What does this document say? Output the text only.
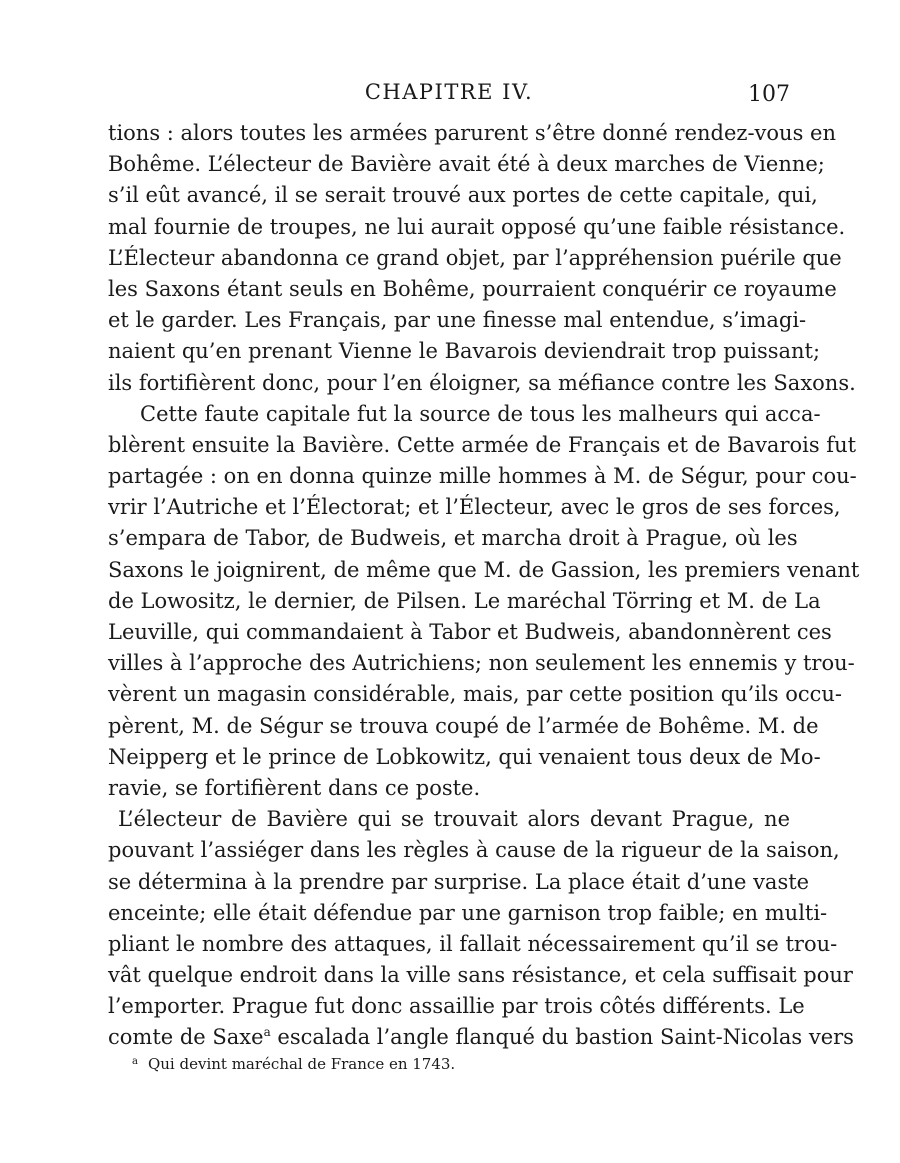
CHAPITRE IV.	107
tions : alors toutes les armées parurent s’être donné rendez-vous en
Bohême. L’électeur de Bavière avait été à deux marches de Vienne;
s’il eût avancé, il se serait trouvé aux portes de cette capitale, qui,
mal fournie de troupes, ne lui aurait opposé qu’une faible résistance.
L’Électeur abandonna ce grand objet, par l’appréhension puérile que
les Saxons étant seuls en Bohême, pourraient conquérir ce royaume
et le garder. Les Français, par une finesse mal entendue, s’imagi-
naient qu’en prenant Vienne le Bavarois deviendrait trop puissant;
ils fortifièrent donc, pour l’en éloigner, sa méfiance contre les Saxons.
Cette faute capitale fut la source de tous les malheurs qui acca-
blèrent ensuite la Bavière. Cette armée de Français et de Bavarois fut
partagée : on en donna quinze mille hommes à M. de Ségur, pour cou-
vrir l’Autriche et l’Électorat; et l’Électeur, avec le gros de ses forces,
s’empara de Tabor, de Budweis, et marcha droit à Prague, où les
Saxons le joignirent, de même que M. de Gassion, les premiers venant
de Lowositz, le dernier, de Pilsen. Le maréchal Törring et M. de La
Leuville, qui commandaient à Tabor et Budweis, abandonnèrent ces
villes à l’approche des Autrichiens; non seulement les ennemis y trou-
vèrent un magasin considérable, mais, par cette position qu’ils occu-
pèrent, M. de Ségur se trouva coupé de l’armée de Bohême. M. de
Neipperg et le prince de Lobkowitz, qui venaient tous deux de Mo-
ravie, se fortifièrent dans ce poste.
L’électeur de Bavière qui se trouvait alors devant Prague, ne
pouvant l’assiéger dans les règles à cause de la rigueur de la saison,
se détermina à la prendre par surprise. La place était d’une vaste
enceinte; elle était défendue par une garnison trop faible; en multi-
pliant le nombre des attaques, il fallait nécessairement qu’il se trou-
vât quelque endroit dans la ville sans résistance, et cela suffisait pour
l’emporter. Prague fut donc assaillie par trois côtés différents. Le
comte de Saxe$^a$ escalada l’angle flanqué du bastion Saint-Nicolas vers
$^a$ Qui devint maréchal de France en 1743.
